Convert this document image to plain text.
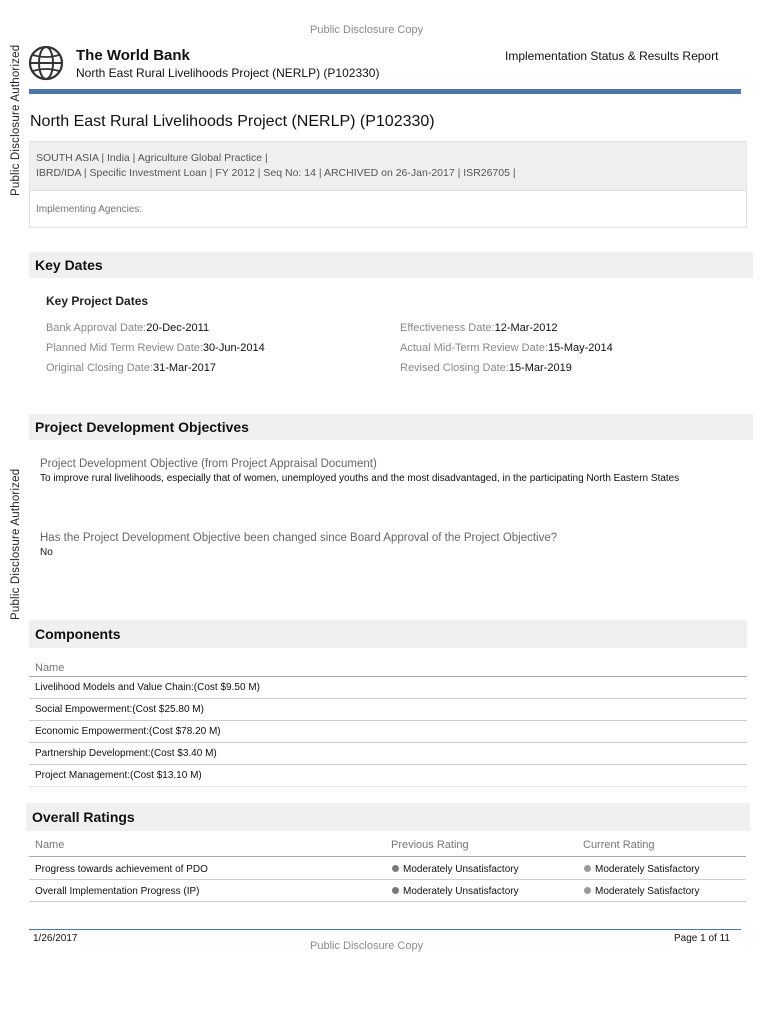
Public Disclosure Authorized
Public Disclosure Authorized
Public Disclosure Copy
The World Bank
North East Rural Livelihoods Project (NERLP) (P102330)
Implementation Status & Results Report
North East Rural Livelihoods Project (NERLP) (P102330)
SOUTH ASIA | India | Agriculture Global Practice |
IBRD/IDA | Specific Investment Loan | FY 2012 | Seq No: 14 | ARCHIVED on 26-Jan-2017 | ISR26705 |
Implementing Agencies:
Key Dates
Key Project Dates
Bank Approval Date:20-Dec-2011	Effectiveness Date:12-Mar-2012
Planned Mid Term Review Date:30-Jun-2014	Actual Mid-Term Review Date:15-May-2014
Original Closing Date:31-Mar-2017	Revised Closing Date:15-Mar-2019
Project Development Objectives
Project Development Objective (from Project Appraisal Document)
To improve rural livelihoods, especially that of women, unemployed youths and the most disadvantaged, in the participating North Eastern States
Has the Project Development Objective been changed since Board Approval of the Project Objective?
No
Components
Name
Livelihood Models and Value Chain:(Cost $9.50 M)
Social Empowerment:(Cost $25.80 M)
Economic Empowerment:(Cost $78.20 M)
Partnership Development:(Cost $3.40 M)
Project Management:(Cost $13.10 M)
Overall Ratings
Name	Previous Rating	Current Rating
Progress towards achievement of PDO	Moderately Unsatisfactory	Moderately Satisfactory
Overall Implementation Progress (IP)	Moderately Unsatisfactory	Moderately Satisfactory
1/26/2017
Public Disclosure Copy
Page 1 of 11
